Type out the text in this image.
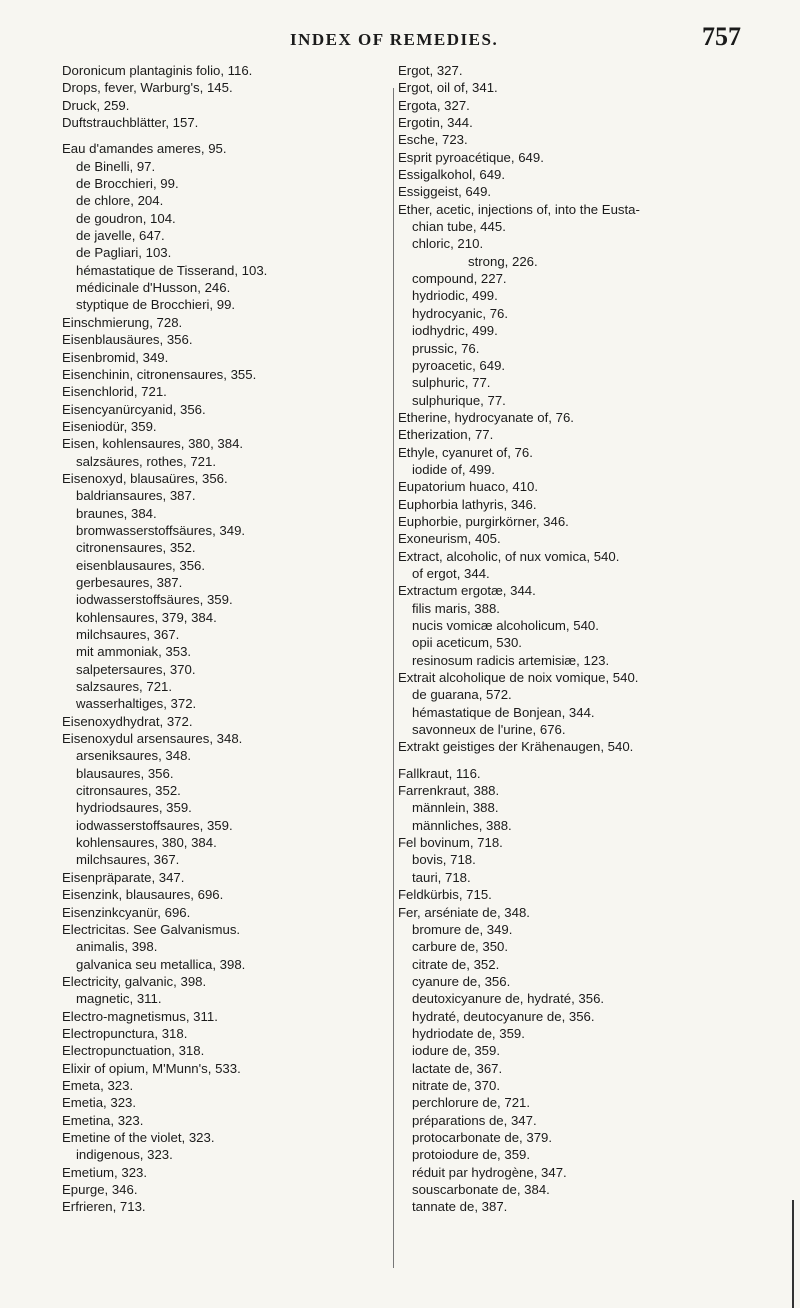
INDEX OF REMEDIES.	757
Doronicum plantaginis folio, 116.
Drops, fever, Warburg's, 145.
Druck, 259.
Duftstrauchblätter, 157.
Eau d'amandes ameres, 95.
de Binelli, 97.
de Brocchieri, 99.
de chlore, 204.
de goudron, 104.
de javelle, 647.
de Pagliari, 103.
hémastatique de Tisserand, 103.
médicinale d'Husson, 246.
styptique de Brocchieri, 99.
Einschmierung, 728.
Eisenblausäures, 356.
Eisenbromid, 349.
Eisenchinin, citronensaures, 355.
Eisenchlorid, 721.
Eisencyanürcyanid, 356.
Eiseniodür, 359.
Eisen, kohlensaures, 380, 384.
salzsäures, rothes, 721.
Eisenoxyd, blausaüres, 356.
baldriansaures, 387.
braunes, 384.
bromwasserstoffsäures, 349.
citronensaures, 352.
eisenblausaures, 356.
gerbesaures, 387.
iodwasserstoffsäures, 359.
kohlensaures, 379, 384.
milchsaures, 367.
mit ammoniak, 353.
salpetersaures, 370.
salzsaures, 721.
wasserhaltiges, 372.
Eisenoxydhydrat, 372.
Eisenoxydul arsensaures, 348.
arseniksaures, 348.
blausaures, 356.
citronsaures, 352.
hydriodsaures, 359.
iodwasserstoffsaures, 359.
kohlensaures, 380, 384.
milchsaures, 367.
Eisenpräparate, 347.
Eisenzink, blausaures, 696.
Eisenzinkcyanür, 696.
Electricitas. See Galvanismus.
animalis, 398.
galvanica seu metallica, 398.
Electricity, galvanic, 398.
magnetic, 311.
Electro-magnetismus, 311.
Electropunctura, 318.
Electropunctuation, 318.
Elixir of opium, M'Munn's, 533.
Emeta, 323.
Emetia, 323.
Emetina, 323.
Emetine of the violet, 323.
indigenous, 323.
Emetium, 323.
Epurge, 346.
Erfrieren, 713.
Ergot, 327.
Ergot, oil of, 341.
Ergota, 327.
Ergotin, 344.
Esche, 723.
Esprit pyroacétique, 649.
Essigalkohol, 649.
Essiggeist, 649.
Ether, acetic, injections of, into the Eusta-
chian tube, 445.
chloric, 210.
strong, 226.
compound, 227.
hydriodic, 499.
hydrocyanic, 76.
iodhydric, 499.
prussic, 76.
pyroacetic, 649.
sulphuric, 77.
sulphurique, 77.
Etherine, hydrocyanate of, 76.
Etherization, 77.
Ethyle, cyanuret of, 76.
iodide of, 499.
Eupatorium huaco, 410.
Euphorbia lathyris, 346.
Euphorbie, purgirkörner, 346.
Exoneurism, 405.
Extract, alcoholic, of nux vomica, 540.
of ergot, 344.
Extractum ergotæ, 344.
filis maris, 388.
nucis vomicæ alcoholicum, 540.
opii aceticum, 530.
resinosum radicis artemisiæ, 123.
Extrait alcoholique de noix vomique, 540.
de guarana, 572.
hémastatique de Bonjean, 344.
savonneux de l'urine, 676.
Extrakt geistiges der Krähenaugen, 540.
Fallkraut, 116.
Farrenkraut, 388.
männlein, 388.
männliches, 388.
Fel bovinum, 718.
bovis, 718.
tauri, 718.
Feldkürbis, 715.
Fer, arséniate de, 348.
bromure de, 349.
carbure de, 350.
citrate de, 352.
cyanure de, 356.
deutoxicyanure de, hydraté, 356.
hydraté, deutocyanure de, 356.
hydriodate de, 359.
iodure de, 359.
lactate de, 367.
nitrate de, 370.
perchlorure de, 721.
préparations de, 347.
protocarbonate de, 379.
protoiodure de, 359.
réduit par hydrogène, 347.
souscarbonate de, 384.
tannate de, 387.
